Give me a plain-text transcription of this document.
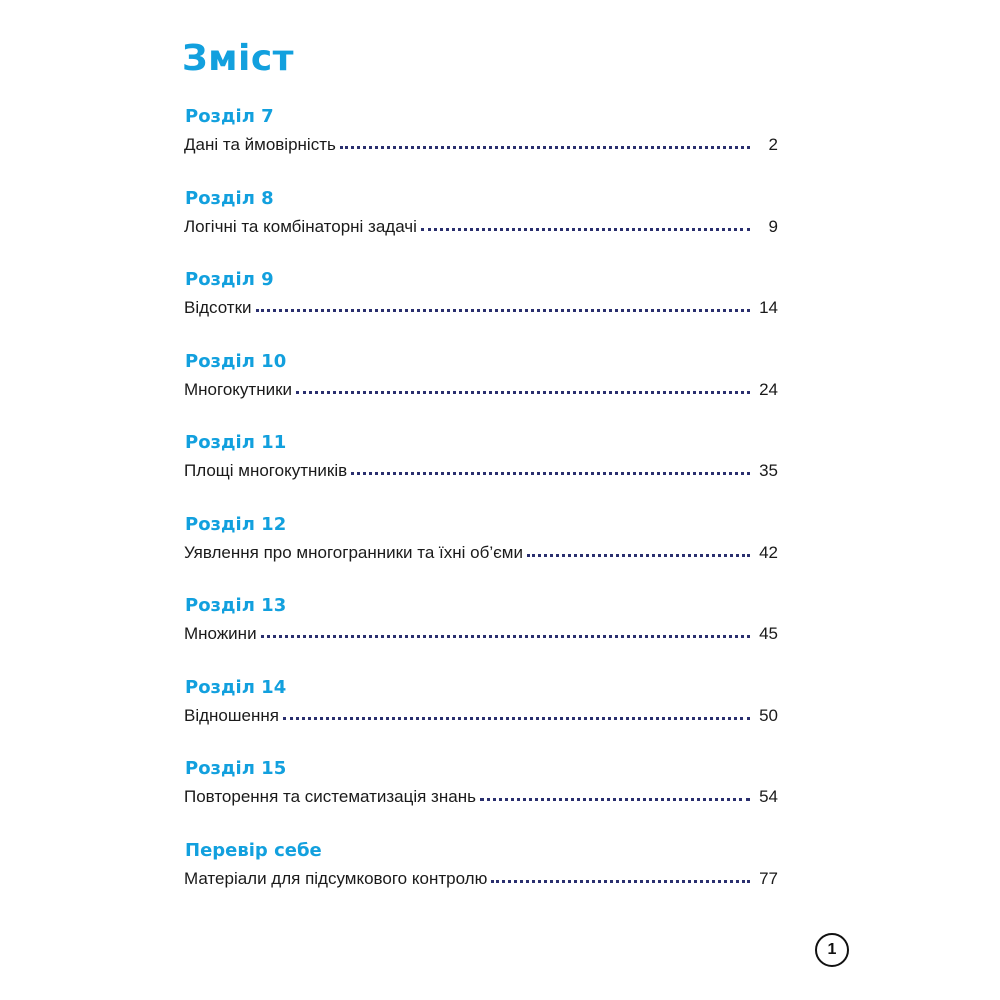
Зміст
Розділ 7
Дані та ймовірність	2
Розділ 8
Логічні та комбінаторні задачі	9
Розділ 9
Відсотки	14
Розділ 10
Многокутники	24
Розділ 11
Площі многокутників	35
Розділ 12
Уявлення про многогранники та їхні об’єми	42
Розділ 13
Множини	45
Розділ 14
Відношення	50
Розділ 15
Повторення та систематизація знань	54
Перевір себе
Матеріали для підсумкового контролю	77
1
